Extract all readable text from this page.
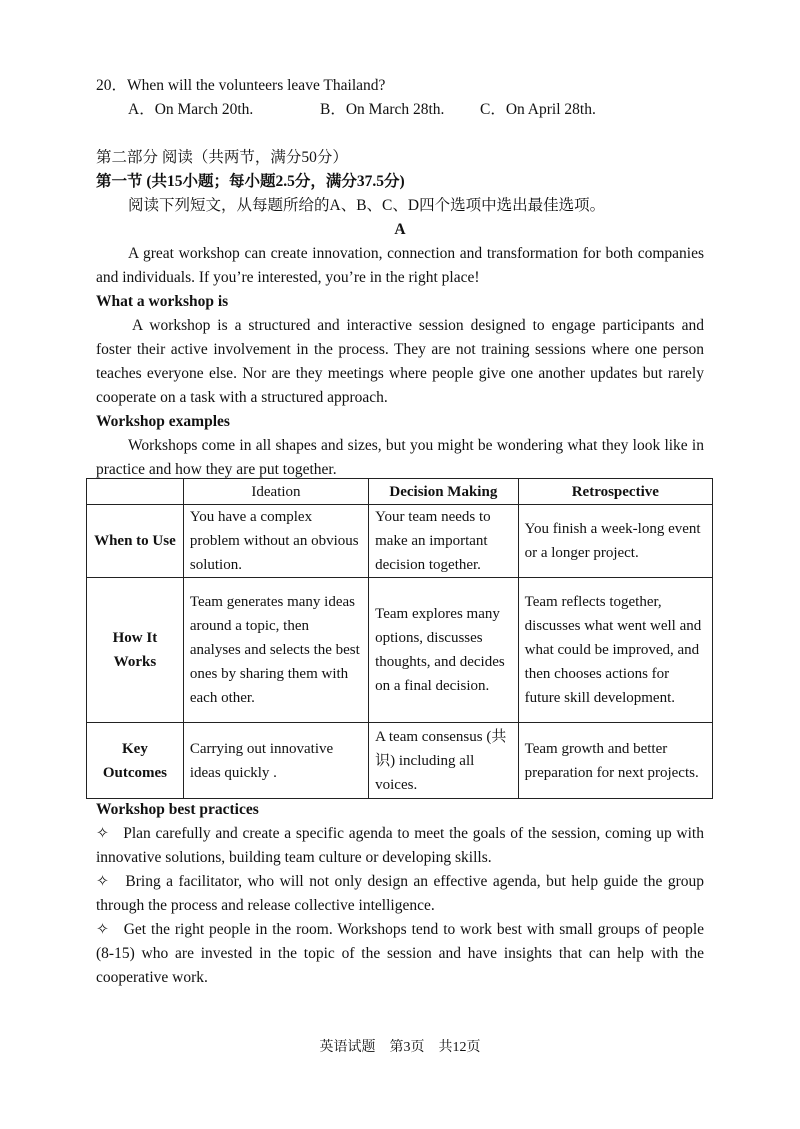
20．When will the volunteers leave Thailand?
A．On March 20th.	B．On March 28th. C．On April 28th.
第二部分 阅读（共两节，满分50分）
第一节 (共15小题；每小题2.5分，满分37.5分)
阅读下列短文，从每题所给的A、B、C、D四个选项中选出最佳选项。
A
A great workshop can create innovation, connection and transformation for both companies and individuals. If you’re interested, you’re in the right place!
What a workshop is
A workshop is a structured and interactive session designed to engage participants and foster their active involvement in the process. They are not training sessions where one person teaches everyone else. Nor are they meetings where people give one another updates but rarely cooperate on a task with a structured approach.
Workshop examples
Workshops come in all shapes and sizes, but you might be wondering what they look like in practice and how they are put together.
	Ideation	Decision Making	Retrospective
When to Use	You have a complex problem without an obvious solution.	Your team needs to make an important decision together.	You finish a week-long event or a longer project.
How It Works	Team generates many ideas around a topic, then analyses and selects the best ones by sharing them with each other.	Team explores many options, discusses thoughts, and decides on a final decision.	Team reflects together, discusses what went well and what could be improved, and then chooses actions for future skill development.
Key Outcomes	Carrying out innovative ideas quickly .	A team consensus (共识) including all voices.	Team growth and better preparation for next projects.
Workshop best practices
✧ Plan carefully and create a specific agenda to meet the goals of the session, coming up with innovative solutions, building team culture or developing skills.
✧ Bring a facilitator, who will not only design an effective agenda, but help guide the group through the process and release collective intelligence.
✧ Get the right people in the room. Workshops tend to work best with small groups of people (8-15) who are invested in the topic of the session and have insights that can help with the cooperative work.
英语试题　第3页　共12页
